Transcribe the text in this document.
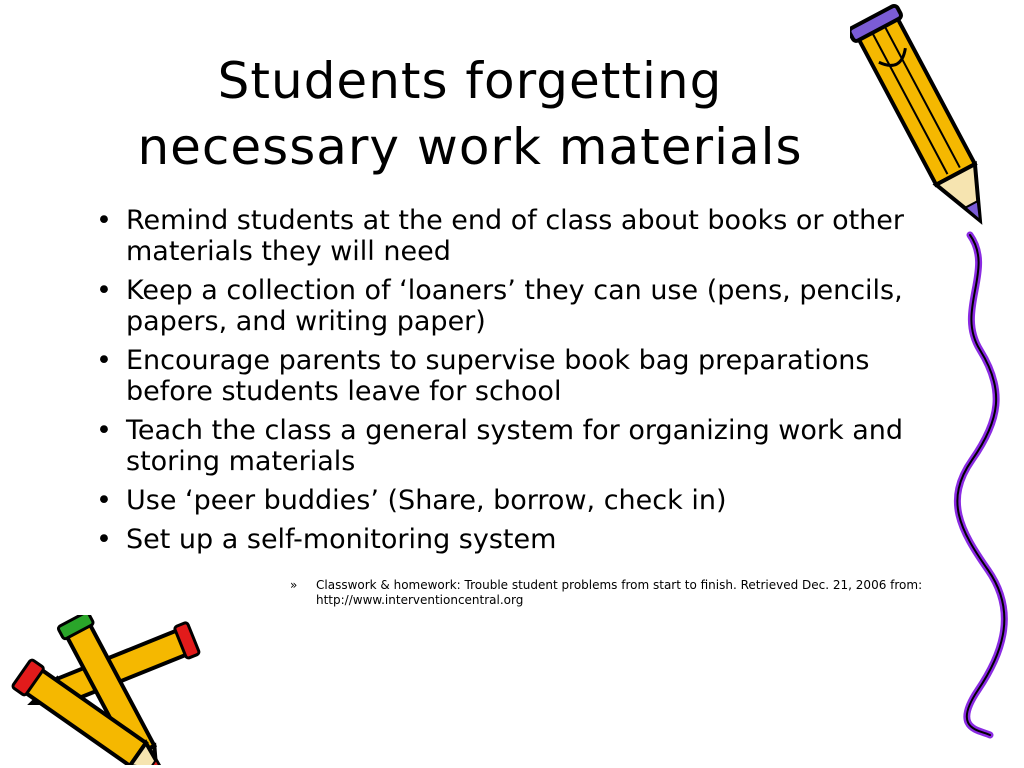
Students forgetting
necessary work materials
• Remind students at the end of class about books or other materials they will need
• Keep a collection of ‘loaners’ they can use (pens, pencils, papers, and writing paper)
• Encourage parents to supervise book bag preparations before students leave for school
• Teach the class a general system for organizing work and storing materials
• Use ‘peer buddies’ (Share, borrow, check in)
• Set up a self-monitoring system
»	Classwork & homework: Trouble student problems from start to finish. Retrieved Dec. 21, 2006 from: http://www.interventioncentral.org
